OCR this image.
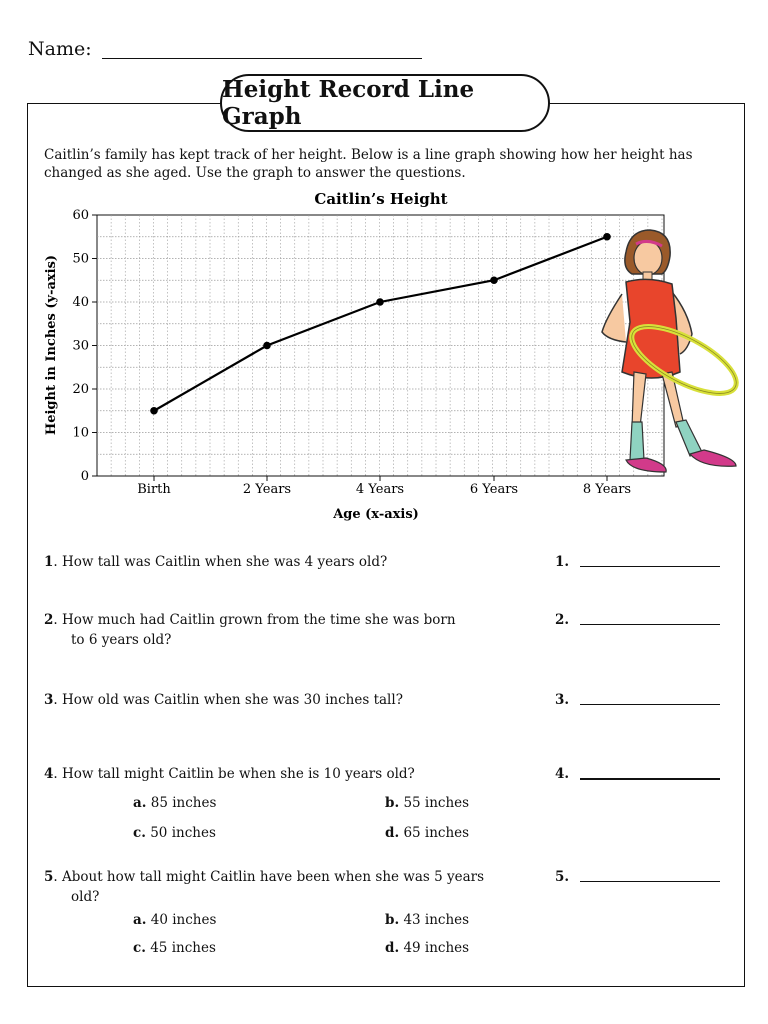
Name:
Height Record Line Graph
Caitlin’s family has kept track of her height. Below is a line graph showing how her height has changed as she aged. Use the graph to answer the questions.
0
10
20
30
40
50
60
Birth	2 Years	4 Years	6 Years	8 Years
Caitlin’s Height
Age (x-axis)
Height in Inches (y-axis)
1. How tall was Caitlin when she was 4 years old?	1.
2. How much had Caitlin grown from the time she was born
to 6 years old?
2.
3. How old was Caitlin when she was 30 inches tall?	3.
4. How tall might Caitlin be when she is 10 years old?	4.
a. 85 inches	b. 55 inches
c. 50 inches	d. 65 inches
5. About how tall might Caitlin have been when she was 5 years
old?
5.
a. 40 inches	b. 43 inches
c. 45 inches	d. 49 inches
